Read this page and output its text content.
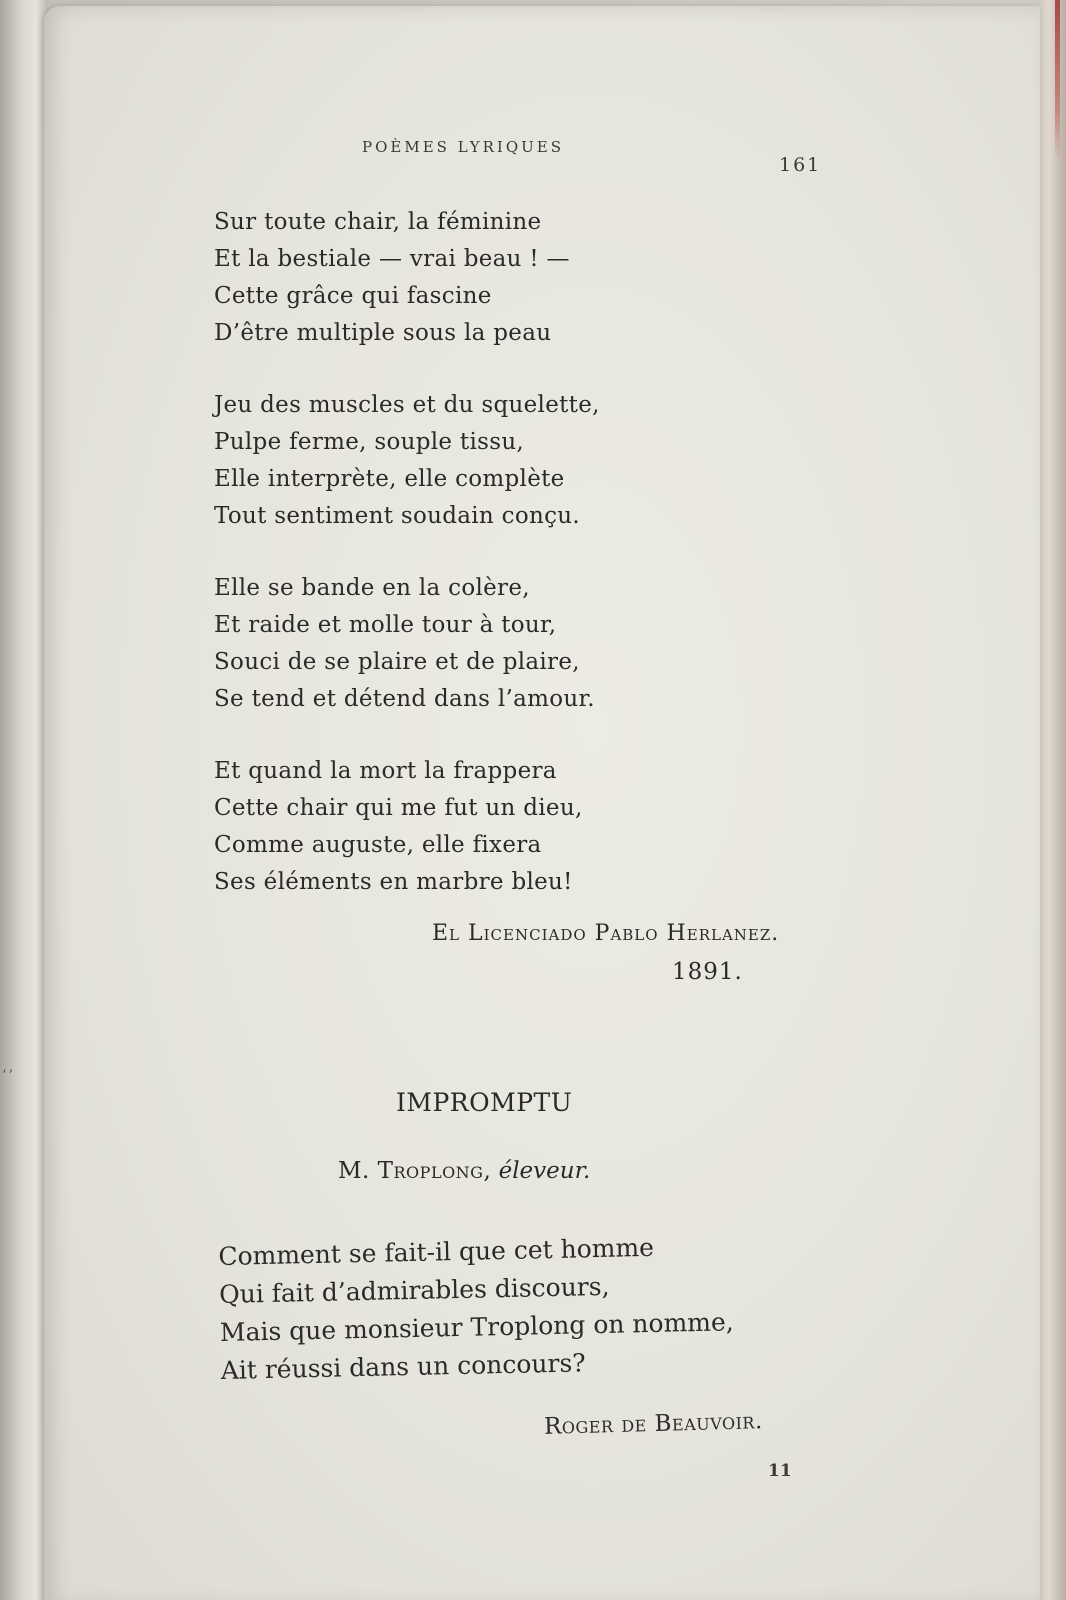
’’
POÈMES LYRIQUES
161
Sur toute chair, la féminine
Et la bestiale — vrai beau ! —
Cette grâce qui fascine
D’être multiple sous la peau
Jeu des muscles et du squelette,
Pulpe ferme, souple tissu,
Elle interprète, elle complète
Tout sentiment soudain conçu.
Elle se bande en la colère,
Et raide et molle tour à tour,
Souci de se plaire et de plaire,
Se tend et détend dans l’amour.
Et quand la mort la frappera
Cette chair qui me fut un dieu,
Comme auguste, elle fixera
Ses éléments en marbre bleu!
El Licenciado Pablo Herlanez.
1891.
IMPROMPTU
M. Troplong, éleveur.
Comment se fait-il que cet homme
Qui fait d’admirables discours,
Mais que monsieur Troplong on nomme,
Ait réussi dans un concours?
Roger de Beauvoir.
11
